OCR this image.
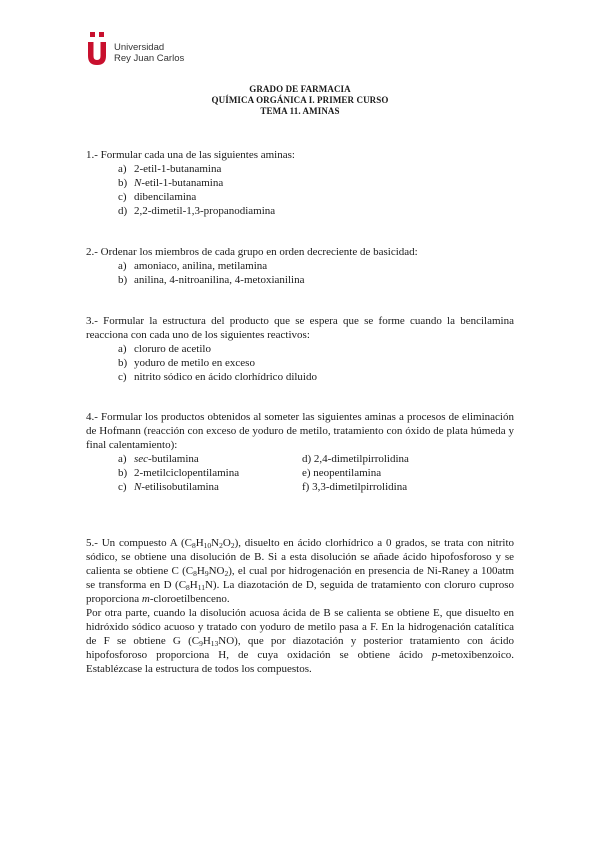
Universidad
Rey Juan Carlos
GRADO DE FARMACIA
QUÍMICA ORGÁNICA I. PRIMER CURSO
TEMA 11. AMINAS

1.- Formular cada una de las siguientes aminas:

a) 2-etil-1-butanamina
b) N-etil-1-butanamina
c) dibencilamina
d) 2,2-dimetil-1,3-propanodiamina

2.- Ordenar los miembros de cada grupo en orden decreciente de basicidad:

a) amoniaco, anilina, metilamina
b) anilina, 4-nitroanilina, 4-metoxianilina

3.- Formular la estructura del producto que se espera que se forme cuando la bencilamina reacciona con cada uno de los siguientes reactivos:

a) cloruro de acetilo
b) yoduro de metilo en exceso
c) nitrito sódico en ácido clorhídrico diluido

4.- Formular los productos obtenidos al someter las siguientes aminas a procesos de eliminación de Hofmann (reacción con exceso de yoduro de metilo, tratamiento con óxido de plata húmeda y final calentamiento):

a) sec-butilamina	d) 2,4-dimetilpirrolidina
b) 2-metilciclopentilamina	e) neopentilamina
c) N-etilisobutilamina	f) 3,3-dimetilpirrolidina

5.- Un compuesto A $(C_8H_{10}N_2O_2)$, disuelto en ácido clorhídrico a 0 grados, se trata con nitrito sódico, se obtiene una disolución de B. Si a esta disolución se añade ácido hipofosforoso y se calienta se obtiene C $(C_8H_9NO_2)$, el cual por hidrogenación en presencia de Ni-Raney a 100atm se transforma en D $(C_8H_{11}N)$. La diazotación de D, seguida de tratamiento con cloruro cuproso proporciona m-cloroetilbenceno.

Por otra parte, cuando la disolución acuosa ácida de B se calienta se obtiene E, que disuelto en hidróxido sódico acuoso y tratado con yoduro de metilo pasa a F. En la hidrogenación catalítica de F se obtiene G $(C_9H_{13}NO)$, que por diazotación y posterior tratamiento con ácido hipofosforoso proporciona H, de cuya oxidación se obtiene ácido p-metoxibenzoico. Establézcase la estructura de todos los compuestos.
